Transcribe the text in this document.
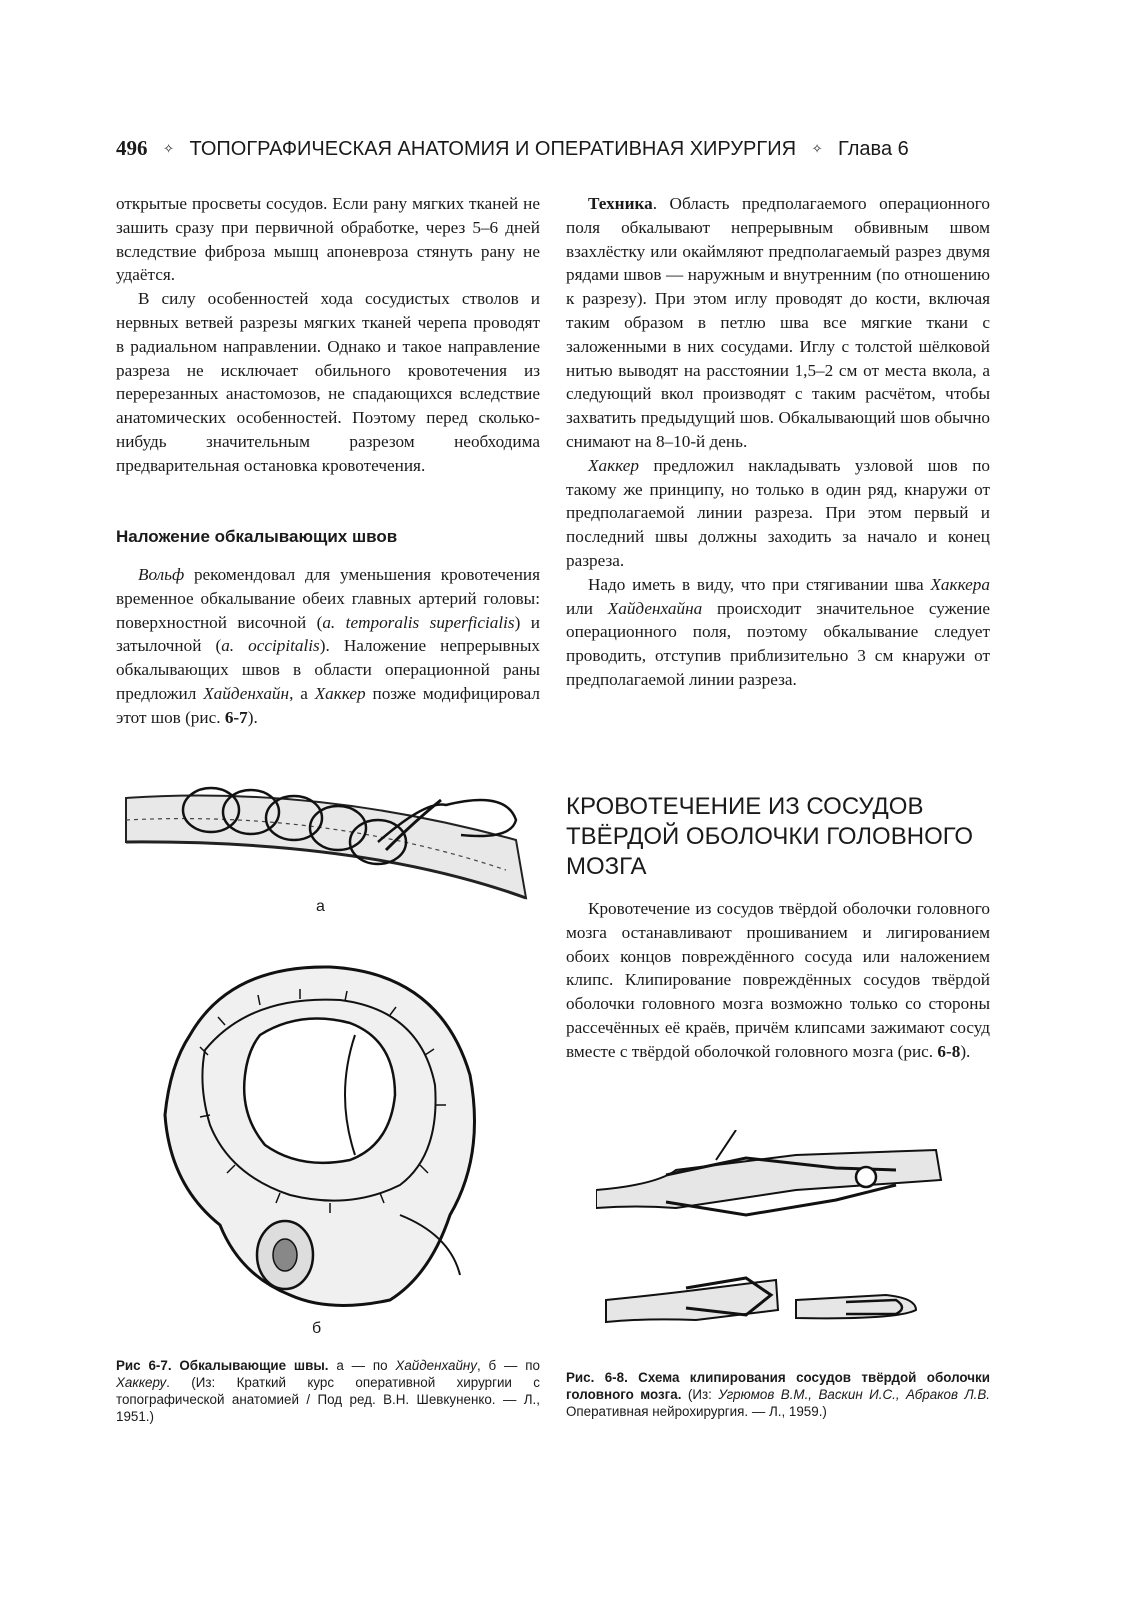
496 ✧ ТОПОГРАФИЧЕСКАЯ АНАТОМИЯ И ОПЕРАТИВНАЯ ХИРУРГИЯ ✧ Глава 6

открытые просветы сосудов. Если рану мягких тканей не зашить сразу при первичной обработке, через 5–6 дней вследствие фиброза мышц апоневроза стянуть рану не удаётся.

В силу особенностей хода сосудистых стволов и нервных ветвей разрезы мягких тканей черепа проводят в радиальном направлении. Однако и такое направление разреза не исключает обильного кровотечения из перерезанных анастомозов, не спадающихся вследствие анатомических особенностей. Поэтому перед сколько-нибудь значительным разрезом необходима предварительная остановка кровотечения.

Наложение обкалывающих швов

Вольф рекомендовал для уменьшения кровотечения временное обкалывание обеих главных артерий головы: поверхностной височной (a. temporalis superficialis) и затылочной (a. occipitalis). Наложение непрерывных обкалывающих швов в области операционной раны предложил Хайденхайн, а Хаккер позже модифицировал этот шов (рис. 6-7).

Техника. Область предполагаемого операционного поля обкалывают непрерывным обвивным швом взахлёстку или окаймляют предполагаемый разрез двумя рядами швов — наружным и внутренним (по отношению к разрезу). При этом иглу проводят до кости, включая таким образом в петлю шва все мягкие ткани с заложенными в них сосудами. Иглу с толстой шёлковой нитью выводят на расстоянии 1,5–2 см от места вкола, а следующий вкол производят с таким расчётом, чтобы захватить предыдущий шов. Обкалывающий шов обычно снимают на 8–10-й день.

Хаккер предложил накладывать узловой шов по такому же принципу, но только в один ряд, кнаружи от предполагаемой линии разреза. При этом первый и последний швы должны заходить за начало и конец разреза.

Надо иметь в виду, что при стягивании шва Хаккера или Хайденхайна происходит значительное сужение операционного поля, поэтому обкалывание следует проводить, отступив приблизительно 3 см кнаружи от предполагаемой линии разреза.

КРОВОТЕЧЕНИЕ ИЗ СОСУДОВ ТВЁРДОЙ ОБОЛОЧКИ ГОЛОВНОГО МОЗГА

Кровотечение из сосудов твёрдой оболочки головного мозга останавливают прошиванием и лигированием обоих концов повреждённого сосуда или наложением клипс. Клипирование повреждённых сосудов твёрдой оболочки головного мозга возможно только со стороны рассечённых её краёв, причём клипсами зажимают сосуд вместе с твёрдой оболочкой головного мозга (рис. 6-8).

а
б
Рис 6-7. Обкалывающие швы. а — по Хайденхайну, б — по Хаккеру. (Из: Краткий курс оперативной хирургии с топографической анатомией / Под ред. В.Н. Шевкуненко. — Л., 1951.)
Рис. 6-8. Схема клипирования сосудов твёрдой оболочки головного мозга. (Из: Угрюмов В.М., Васкин И.С., Абраков Л.В. Оперативная нейрохирургия. — Л., 1959.)
